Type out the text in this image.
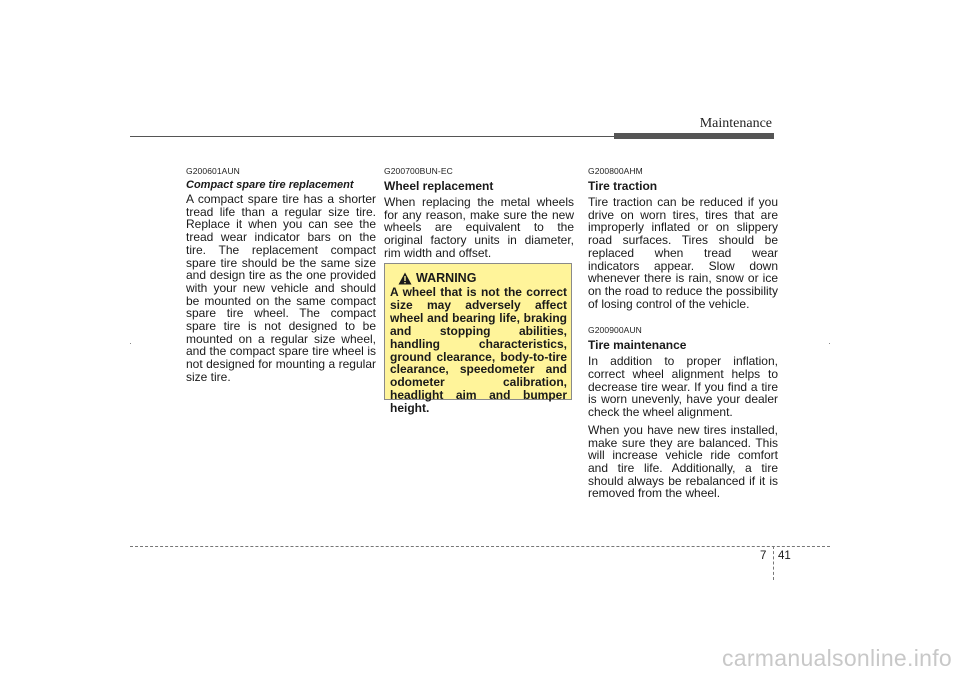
Maintenance

G200601AUN

Compact spare tire replacement

A compact spare tire has a shorter tread life than a regular size tire. Replace it when you can see the tread wear indicator bars on the tire. The replacement compact spare tire should be the same size and design tire as the one provided with your new vehicle and should be mounted on the same compact spare tire wheel. The compact spare tire is not designed to be mounted on a regular size wheel, and the compact spare tire wheel is not designed for mounting a regular size tire.

G200700BUN-EC

Wheel replacement

When replacing the metal wheels for any reason, make sure the new wheels are equivalent to the original factory units in diameter, rim width and offset.

WARNING

A wheel that is not the correct size may adversely affect wheel and bearing life, braking and stopping abilities, handling characteristics, ground clearance, body-to-tire clearance, speedometer and odometer calibration, headlight aim and bumper height.

G200800AHM

Tire traction

Tire traction can be reduced if you drive on worn tires, tires that are improperly inflated or on slippery road surfaces. Tires should be replaced when tread wear indicators appear. Slow down whenever there is rain, snow or ice on the road to reduce the possibility of losing control of the vehicle.

G200900AUN

Tire maintenance

In addition to proper inflation, correct wheel alignment helps to decrease tire wear. If you find a tire is worn unevenly, have your dealer check the wheel alignment.

When you have new tires installed, make sure they are balanced. This will increase vehicle ride comfort and tire life. Additionally, a tire should always be rebalanced if it is removed from the wheel.

7 41
carmanualsonline.info
